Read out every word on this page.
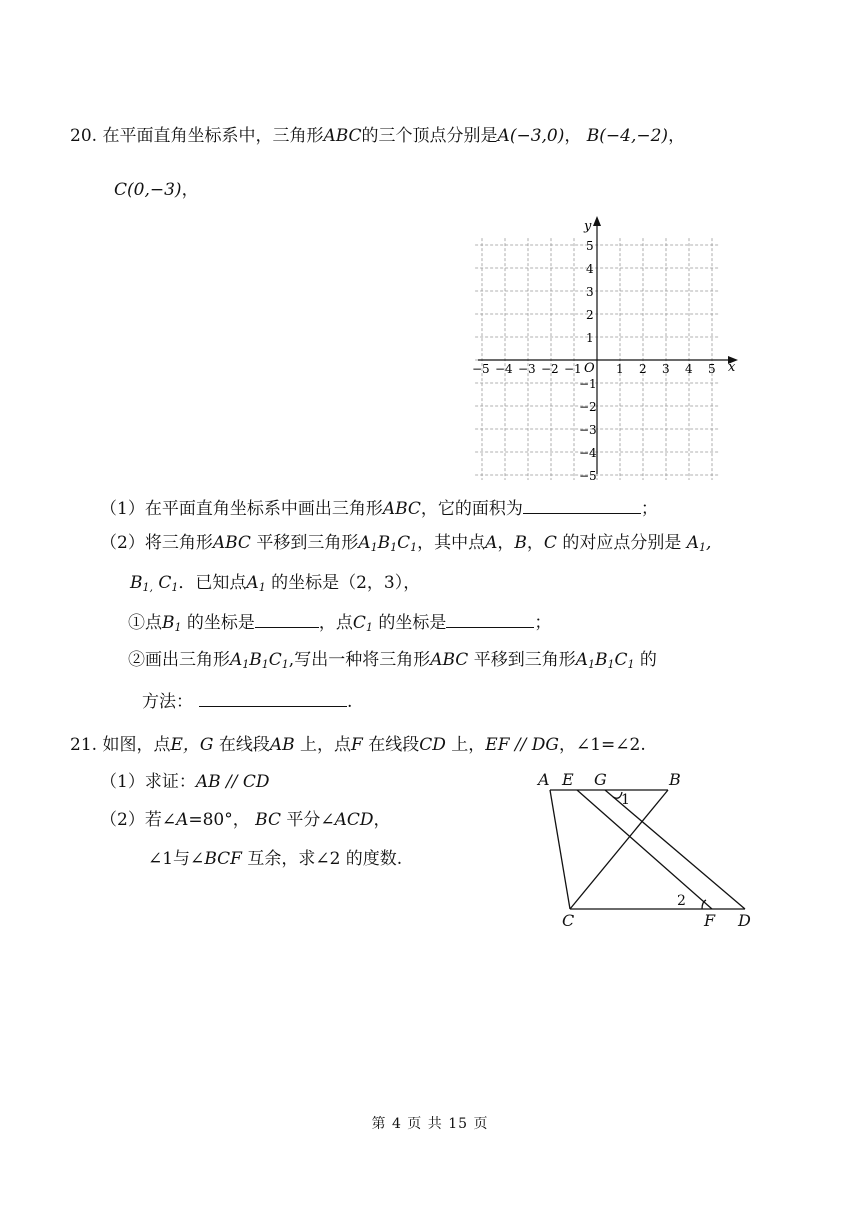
20. 在平面直角坐标系中，三角形ABC的三个顶点分别是A(−3,0)， B(−4,−2)，
C(0,−3)，
x
y
O
−5 −4 −3 −2 −1	1 2 3 4 5
5
4
3
2
1
−1
−2
−3
−4
−5
（1）在平面直角坐标系中画出三角形ABC，它的面积为	；
（2）将三角形ABC 平移到三角形$A_1B_1C_1$，其中点A，B，C 的对应点分别是 $A_1$,
$B_{1,}$ $C_1$．已知点$A_1$ 的坐标是（2，3），
①点$B_1$ 的坐标是	，点$C_1$ 的坐标是	；
②画出三角形$A_1B_1C_1$,写出一种将三角形ABC 平移到三角形$A_1B_1C_1$ 的
方法：	.
21. 如图，点E，G 在线段AB 上，点F 在线段CD 上，EF // DG，∠1=∠2.
（1）求证：AB // CD
（2）若∠A=80°， BC 平分∠ACD，
∠1与∠BCF 互余，求∠2 的度数.
A E G	B
C	F D
1
2
第 4 页 共 15 页
